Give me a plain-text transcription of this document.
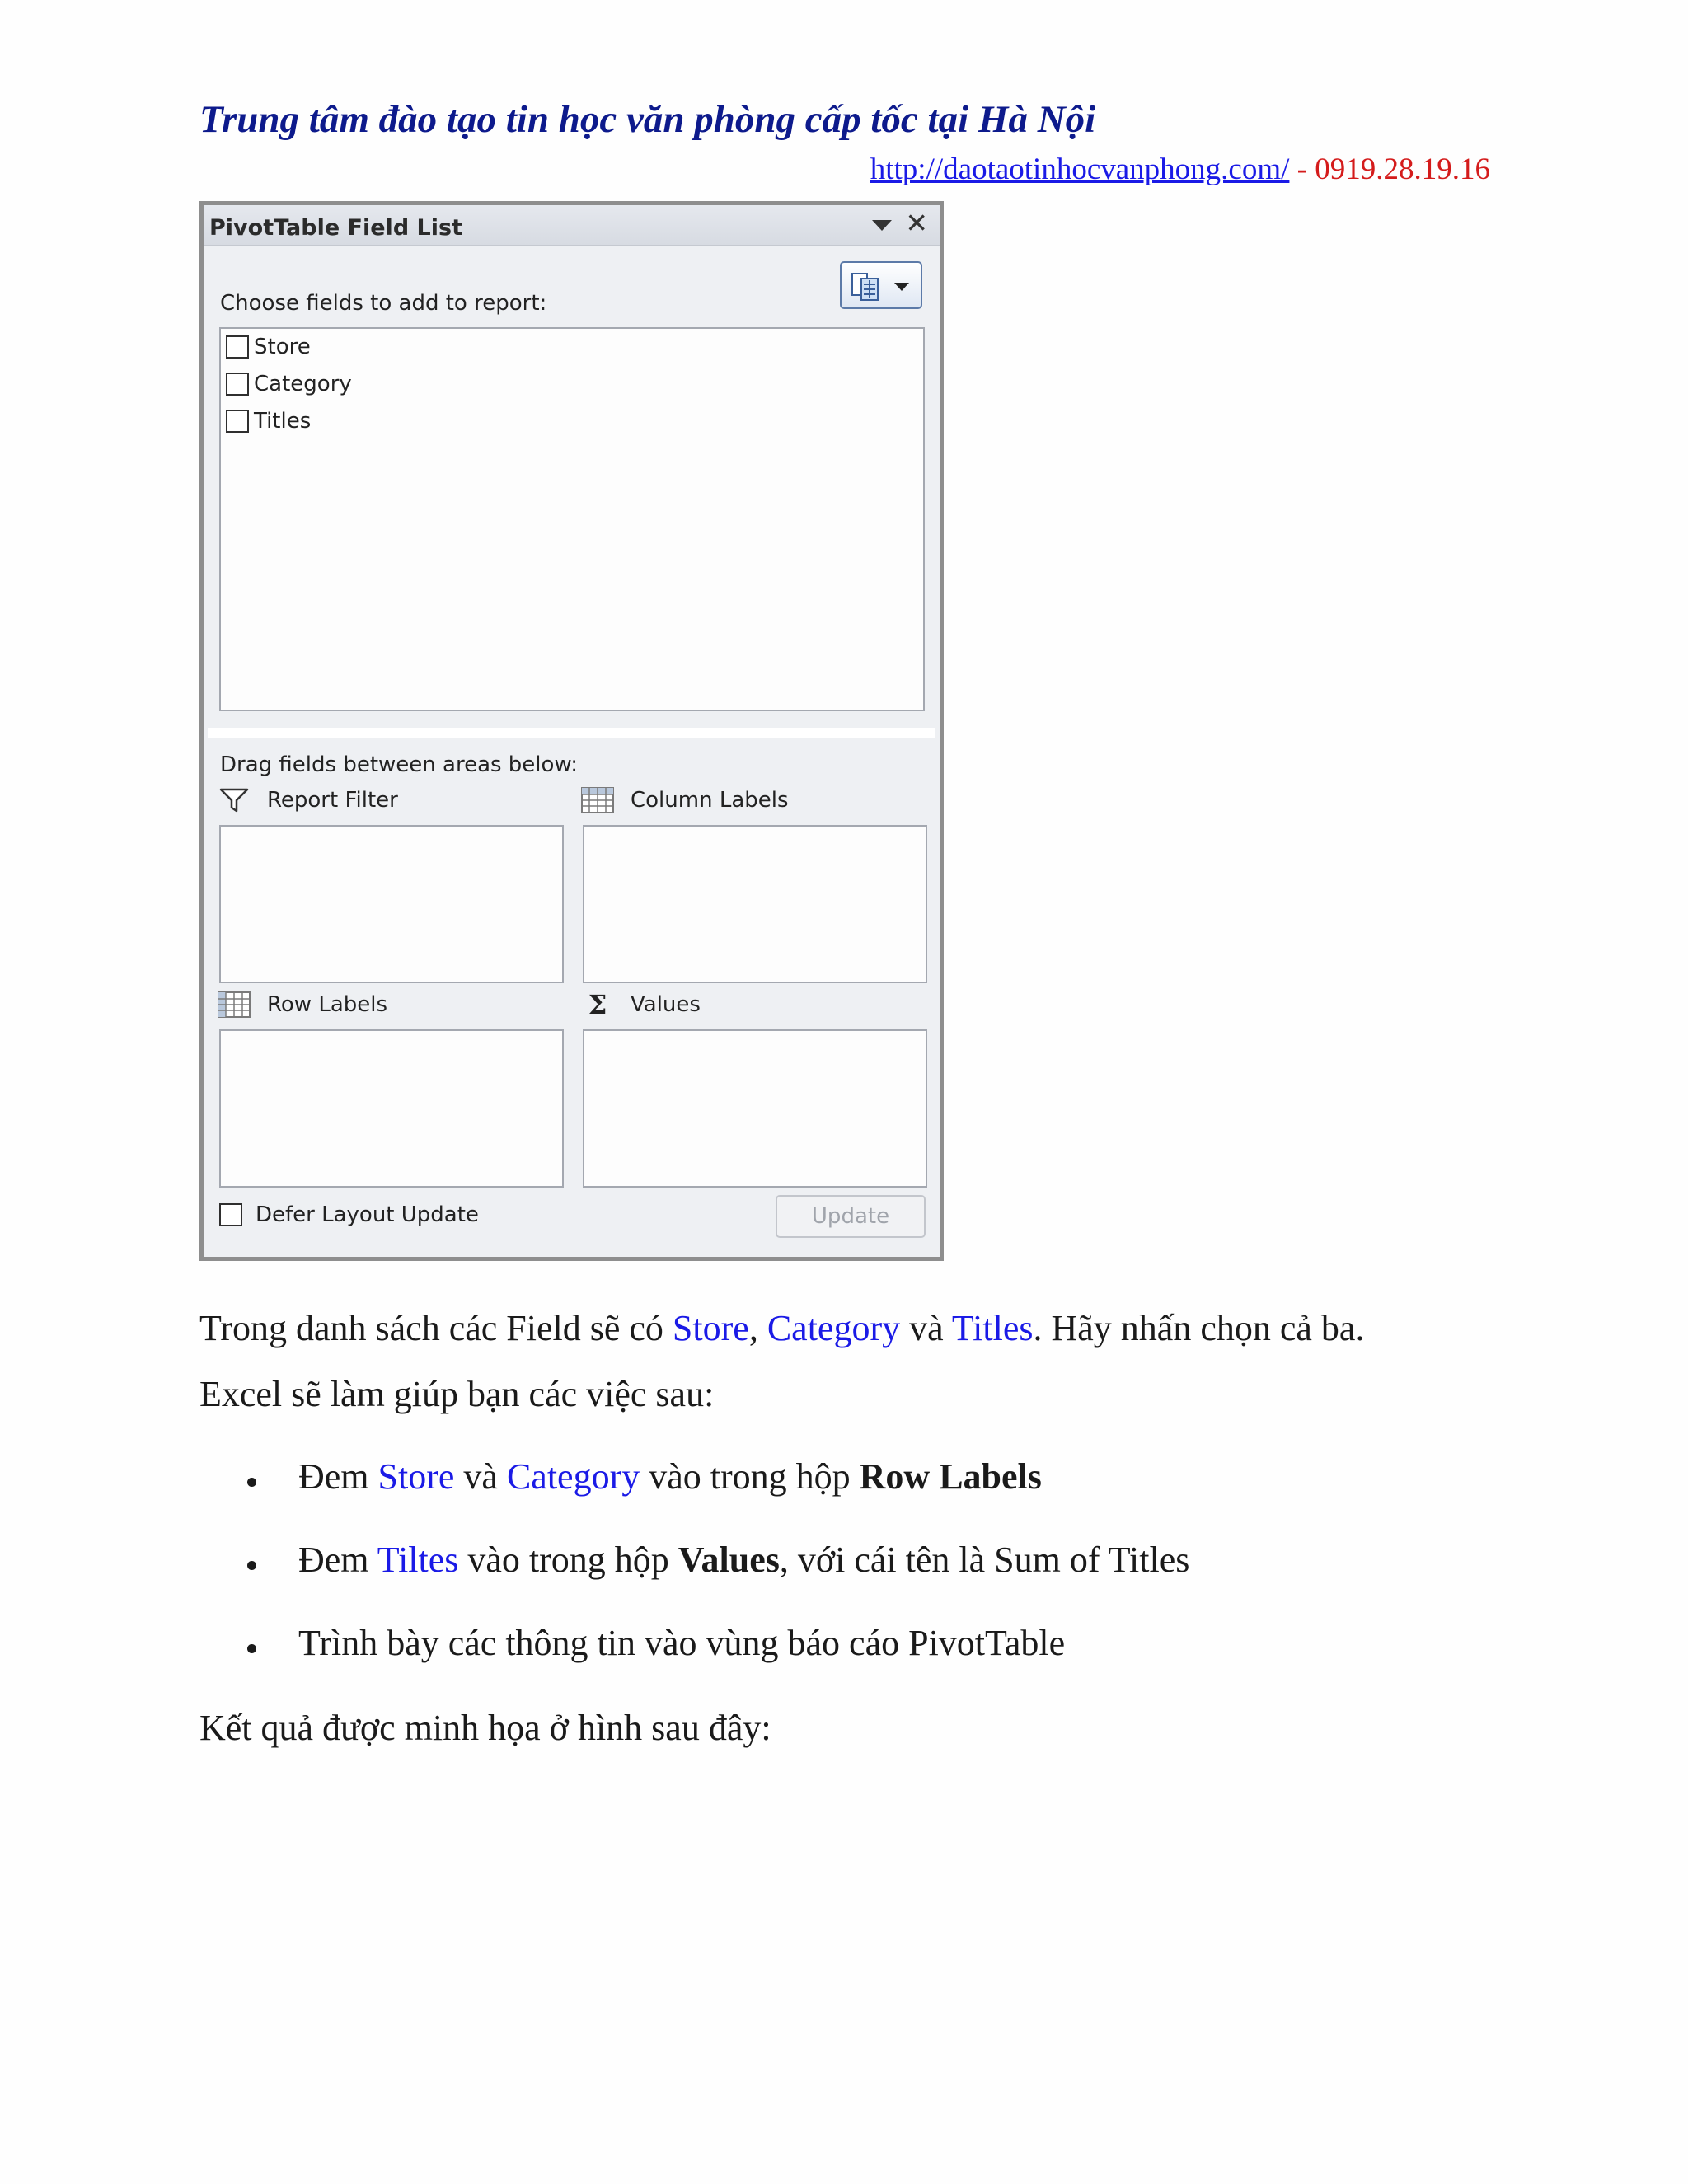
Trung tâm đào tạo tin học văn phòng cấp tốc tại Hà Nội
http://daotaotinhocvanphong.com/ - 0919.28.19.16
PivotTable Field List	✕
Choose fields to add to report:
Store
Category
Titles
Drag fields between areas below:
Report Filter	Column Labels
Row Labels	Σ Values
Defer Layout Update	Update
Trong danh sách các Field sẽ có Store, Category và Titles. Hãy nhấn chọn cả ba.
Excel sẽ làm giúp bạn các việc sau:
Đem Store và Category vào trong hộp Row Labels
Đem Tiltes vào trong hộp Values, với cái tên là Sum of Titles
Trình bày các thông tin vào vùng báo cáo PivotTable
Kết quả được minh họa ở hình sau đây:
